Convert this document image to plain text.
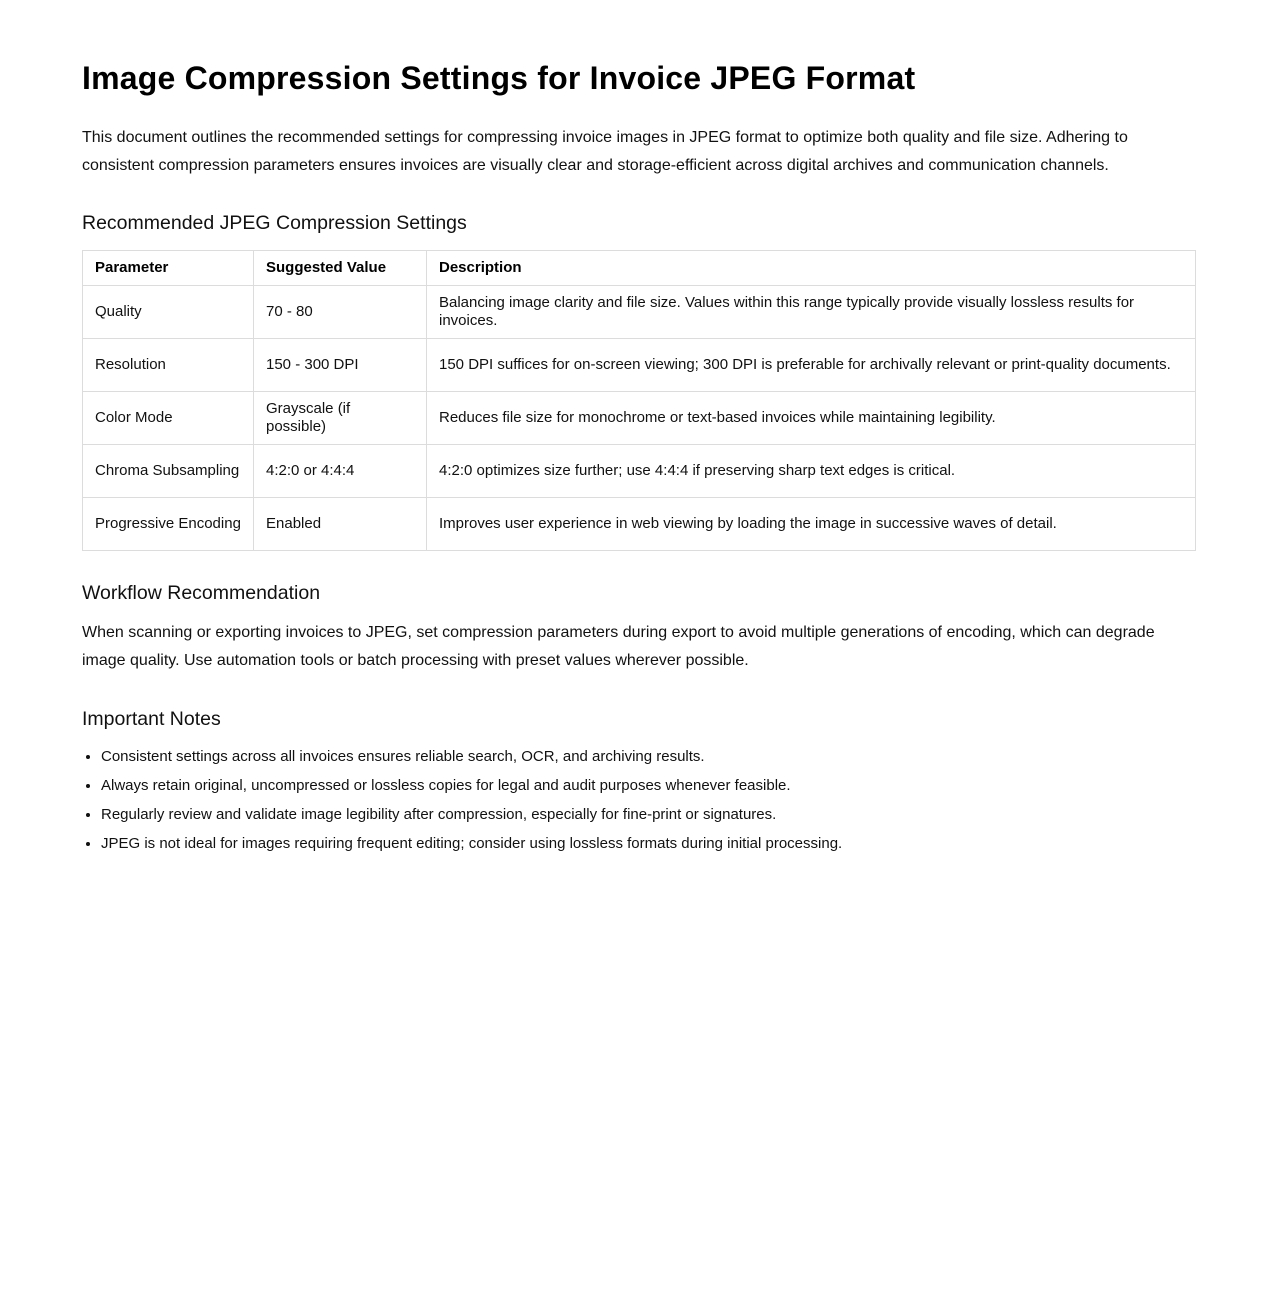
Image Compression Settings for Invoice JPEG Format

This document outlines the recommended settings for compressing invoice images in JPEG format to optimize both quality and file size. Adhering to consistent compression parameters ensures invoices are visually clear and storage-efficient across digital archives and communication channels.

Recommended JPEG Compression Settings
Parameter	Suggested Value	Description
Quality	70 - 80	Balancing image clarity and file size. Values within this range typically provide visually lossless results for invoices.
Resolution	150 - 300 DPI	150 DPI suffices for on-screen viewing; 300 DPI is preferable for archivally relevant or print-quality documents.
Color Mode	Grayscale (if possible)	Reduces file size for monochrome or text-based invoices while maintaining legibility.
Chroma Subsampling	4:2:0 or 4:4:4	4:2:0 optimizes size further; use 4:4:4 if preserving sharp text edges is critical.
Progressive Encoding	Enabled	Improves user experience in web viewing by loading the image in successive waves of detail.
Workflow Recommendation

When scanning or exporting invoices to JPEG, set compression parameters during export to avoid multiple generations of encoding, which can degrade image quality. Use automation tools or batch processing with preset values wherever possible.

Important Notes
• Consistent settings across all invoices ensures reliable search, OCR, and archiving results.
• Always retain original, uncompressed or lossless copies for legal and audit purposes whenever feasible.
• Regularly review and validate image legibility after compression, especially for fine-print or signatures.
• JPEG is not ideal for images requiring frequent editing; consider using lossless formats during initial processing.
